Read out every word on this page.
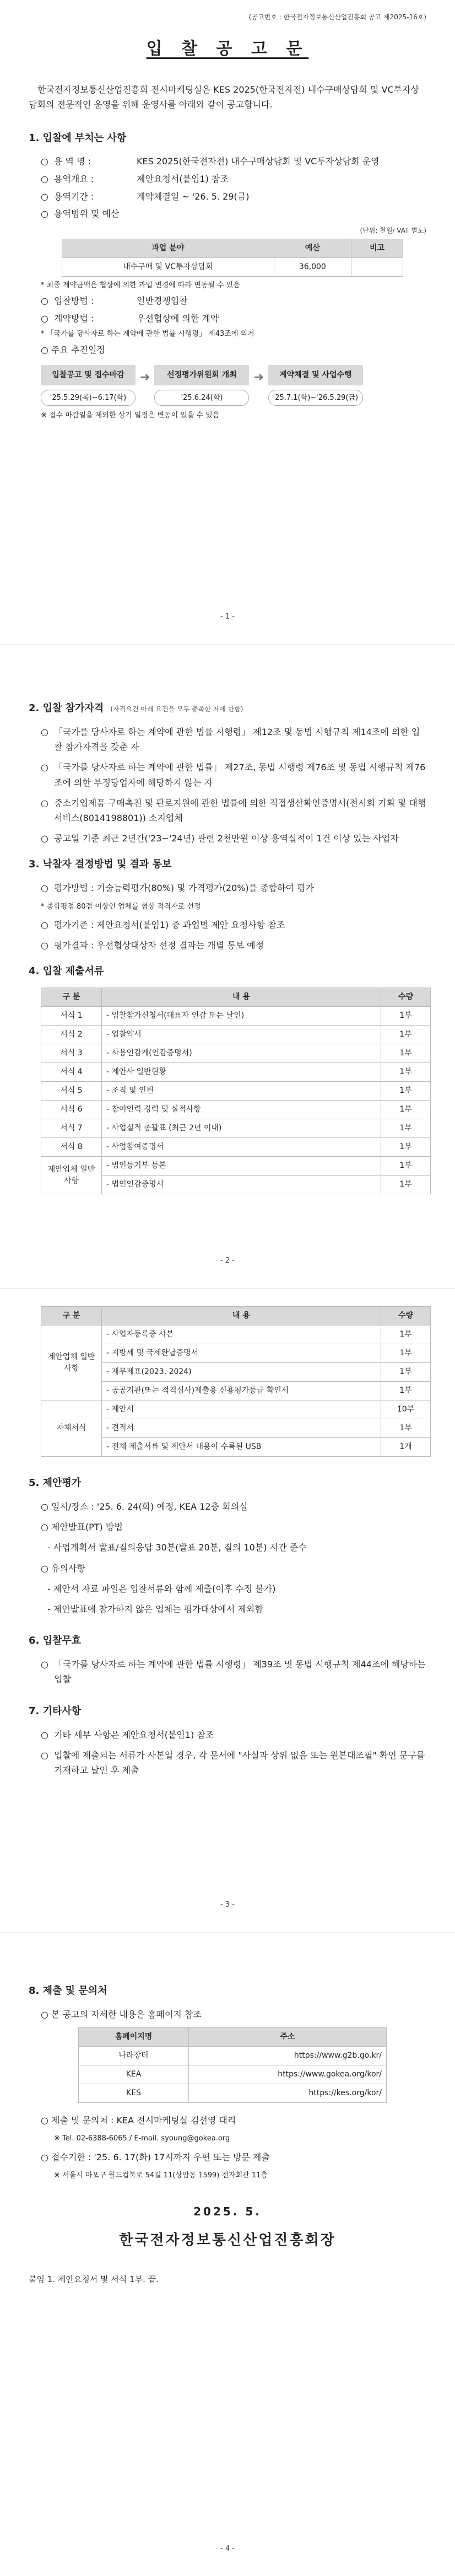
(공고번호 : 한국전자정보통신산업진흥회 공고 제2025-16호)
입 찰 공 고 문
한국전자정보통신산업진흥회 전시마케팅실은 KES 2025(한국전자전) 내수구매상담회 및 VC투자상담회의 전문적인 운영을 위해 운영사를 아래와 같이 공고합니다.
1. 입찰에 부치는 사항
○ 용 역 명 :	KES 2025(한국전자전) 내수구매상담회 및 VC투자상담회 운영
○ 용역개요 :	제안요청서(붙임1) 참조
○ 용역기간 :	계약체결일 ~ '26. 5. 29(금)
○ 용역범위 및 예산
(단위: 천원/ VAT 별도)
과업 분야	예산	비고
내수구매 및 VC투자상담회	36,000	
* 최종 계약금액은 협상에 의한 과업 변경에 따라 변동될 수 있음
○ 입찰방법 :	일반경쟁입찰
○ 계약방법 :	우선협상에 의한 계약
* 「국가를 당사자로 하는 계약에 관한 법률 시행령」 제43조에 의거
○ 주요 추진일정
입찰공고 및 접수마감
'25.5.29(목)~6.17(화)
➜	선정평가위원회 개최
'25.6.24(화)
➜	계약체결 및 사업수행
'25.7.1(화)~'26.5.29(금)
※ 접수 마감일을 제외한 상기 일정은 변동이 있을 수 있음
- 1 -
2. 입찰 참가자격 (자격요건 아래 요건을 모두 충족한 자에 한함)
○ 「국가를 당사자로 하는 계약에 관한 법률 시행령」 제12조 및 동법 시행규칙 제14조에 의한 입찰 참가자격을 갖춘 자
○ 「국가를 당사자로 하는 계약에 관한 법률」 제27조, 동법 시행령 제76조 및 동법 시행규칙 제76조에 의한 부정당업자에 해당하지 않는 자
○ 중소기업제품 구매촉진 및 판로지원에 관한 법률에 의한 직접생산확인증명서(전시회 기획 및 대행서비스(8014198801)) 소지업체
○ 공고일 기준 최근 2년간('23~'24년) 관련 2천만원 이상 용역실적이 1건 이상 있는 사업자
3. 낙찰자 결정방법 및 결과 통보
○ 평가방법 : 기술능력평가(80%) 및 가격평가(20%)를 종합하여 평가
* 종합평점 80점 이상인 업체를 협상 적격자로 선정
○ 평가기준 : 제안요청서(붙임1) 중 과업별 제안 요청사항 참조
○ 평가결과 : 우선협상대상자 선정 결과는 개별 통보 예정
4. 입찰 제출서류
구 분	내 용	수량
서식 1	- 입찰참가신청서(대표자 인감 또는 날인)	1부
서식 2	- 입찰약서	1부
서식 3	- 사용인감계(인감증명서)	1부
서식 4	- 제안사 일반현황	1부
서식 5	- 조직 및 인원	1부
서식 6	- 참여인력 경력 및 실적사항	1부
서식 7	- 사업실적 총괄표 (최근 2년 이내)	1부
서식 8	- 사업참여증명서	1부
제안업체 일반사항	- 법인등기부 등본	1부
	- 법인인감증명서	1부
- 2 -
구 분	내 용	수량
제안업체 일반사항	- 사업자등록증 사본	1부
	- 지방세 및 국세완납증명서	1부
	- 재무제표(2023, 2024)	1부
	- 공공기관(또는 적격심사)제출용 신용평가등급 확인서	1부
자체서식	- 제안서	10부
	- 견적서	1부
	- 전체 제출서류 및 제안서 내용이 수록된 USB	1개
5. 제안평가
○ 일시/장소 : '25. 6. 24(화) 예정, KEA 12층 회의실
○ 제안발표(PT) 방법
- 사업계획서 발표/질의응답 30분(발표 20분, 질의 10분) 시간 준수
○ 유의사항
- 제안서 자료 파일은 입찰서류와 함께 제출(이후 수정 불가)
- 제안발표에 참가하지 않은 업체는 평가대상에서 제외함
6. 입찰무효
○ 「국가를 당사자로 하는 계약에 관한 법률 시행령」 제39조 및 동법 시행규칙 제44조에 해당하는 입찰
7. 기타사항
○ 기타 세부 사항은 제안요청서(붙임1) 참조
○ 입찰에 제출되는 서류가 사본일 경우, 각 문서에 "사실과 상위 없음 또는 원본대조필" 확인 문구를 기재하고 날인 후 제출
- 3 -
8. 제출 및 문의처
○ 본 공고의 자세한 내용은 홈페이지 참조
홈페이지명	주소
나라장터	https://www.g2b.go.kr/
KEA	https://www.gokea.org/kor/
KES	https://kes.org/kor/
○ 제출 및 문의처 : KEA 전시마케팅실 김선영 대리
※ Tel. 02-6388-6065 / E-mail. syoung@gokea.org
○ 접수기한 : '25. 6. 17(화) 17시까지 우편 또는 방문 제출
※ 서울시 마포구 월드컵북로 54길 11(상암동 1599) 전자회관 11층
2025. 5.
한국전자정보통신산업진흥회장
붙임 1. 제안요청서 및 서식 1부. 끝.
- 4 -
